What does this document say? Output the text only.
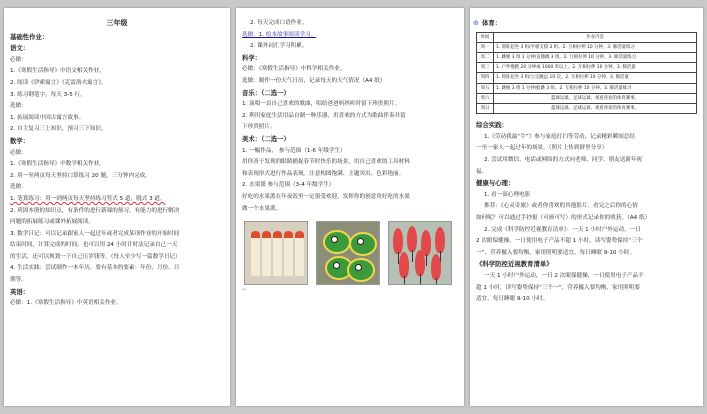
三年级
基础性作业：
语文：
必做：
1.《寒假生活指导》中语文相关作业。
2. 阅读《伊索寓言》《克雷洛夫寓言》。
3. 练习钢笔字，每天 3-5 行。
选做：
1. 拓展阅读中国古寓言故事。
2. 自主复习三上知识，预习三下知识。
数学：
必做：
1.《寒假生活指导》中数学相关作业。
2. 用一至两页每天坚持口算练习 20 题，三分钟内完成。
选做：
1. 笔算练习：用一到两页每天坚持练习竖式 5 道，脱式 3 道。
2. 巩固本册的知识点，有条件的进行新课的预习，有能力的进行解决
问题的拓展练习或课外拓展阅读。
3. 数学日记：可以记录跟家人一起过年或者完成某项作业的开始时间
结束时间，计算完成的时间，也可以用 24 小时计时法记录自己一天
的生活，还可以规划一下自己压岁钱等。（每人至少写一篇数学日记）
4. 生活实践：尝试制作一本年历，要有基本的要素：年份、月份、日
期等。
英语：
必做：1.《寒假生活指导》中英语相关作业。
2. 每天完成口语作业。
选做：1. 绘本故事阅读学习。
2. 课外词汇学习积累。
科学：
必做：《寒假生活指导》中科学相关作业。
选做：制作一份天气日历，记录每天的天气情况（A4 纸）
音乐：（二选一）
1. 演唱一首自己喜欢的歌曲，唱给爸爸妈妈听时留下珍贵照片。
2. 利用家庭生活用品自制一种乐器，用喜欢的方式为歌曲伴奏并留
下珍贵照片。
美术：（二选一）
1. 一幅作品， 参与范围（1-6 年级学生）
用你善于发现的眼睛捕捉春节时快乐的场景，用自己喜欢的工具材料
和表现形式进行作品表现。注意构图饱满、主题突出、色彩艳丽。
2. 水果派 参与范围（3-4 年级学生）
好吃的水果派在年夜饭里一定很受欢迎，发挥你的创意用好吃的水果
做一个水果派。
↵
⊕ 体育：
时间	作业内容
周一	1. 仰卧起坐 3 组/平板支撑 3 组。2. 互相拉伸 10 分钟。3. 肺活量练习
周二	1. 跳绳 3 组 1 分钟/直膝跳 3 组。2. 互相拉伸 10 分钟。3. 肺活量练习
周三	1. 户外慢跑 20 分钟或 1000 米以上。2. 互相拉伸 10 分钟。3. 肺活量
周四	1. 仰卧起坐 3 组/立定跳远 10 次。2. 互相拉伸 10 分钟。3. 肺活量
周五	1. 跳绳 3 组 1 分钟/蛙跳 3 组。2. 互相拉伸 10 分钟。3. 肺活量练习
周六	篮球运球、足球运球，观看喜欢的体育赛事。
周日	篮球运球、足球运球，观看喜欢的体育赛事。
综合实践：
1.《劳动我最“牛”》参与家庭打扫等劳动，记录精彩瞬间总结
一至一家人一起过年的场景。（照片上传到群里分享）
2. 尝试用微信、电话或网络的方式向老师、同学、朋友送新年祝
福。
健康与心理：
1. 看一部心理电影
推荐：《心灵奇旅》或者你喜欢的其他影片。看完之后你的心情
如何呢？可以通过手抄报（可画可写）的形式记录你的收获。（A4 纸）
2. 完成《科学防控近视教育清单》：一天 1 小时户外运动，一日
2 次眼保健操，一日使用电子产品不超 1 小时，读写姿势保持“三个
一”，营养摄入要均衡，家用照明要适宜，每日睡眠 9-10 小时。
《科学防控近视教育清单》
一天 1 小时户外运动，一日 2 次眼保健操，一日使用电子产品不
超 1 小时，读写姿势保持“三个一”，营养摄入要均衡，家用照明要
适宜，每日睡眠 9-10 小时。
